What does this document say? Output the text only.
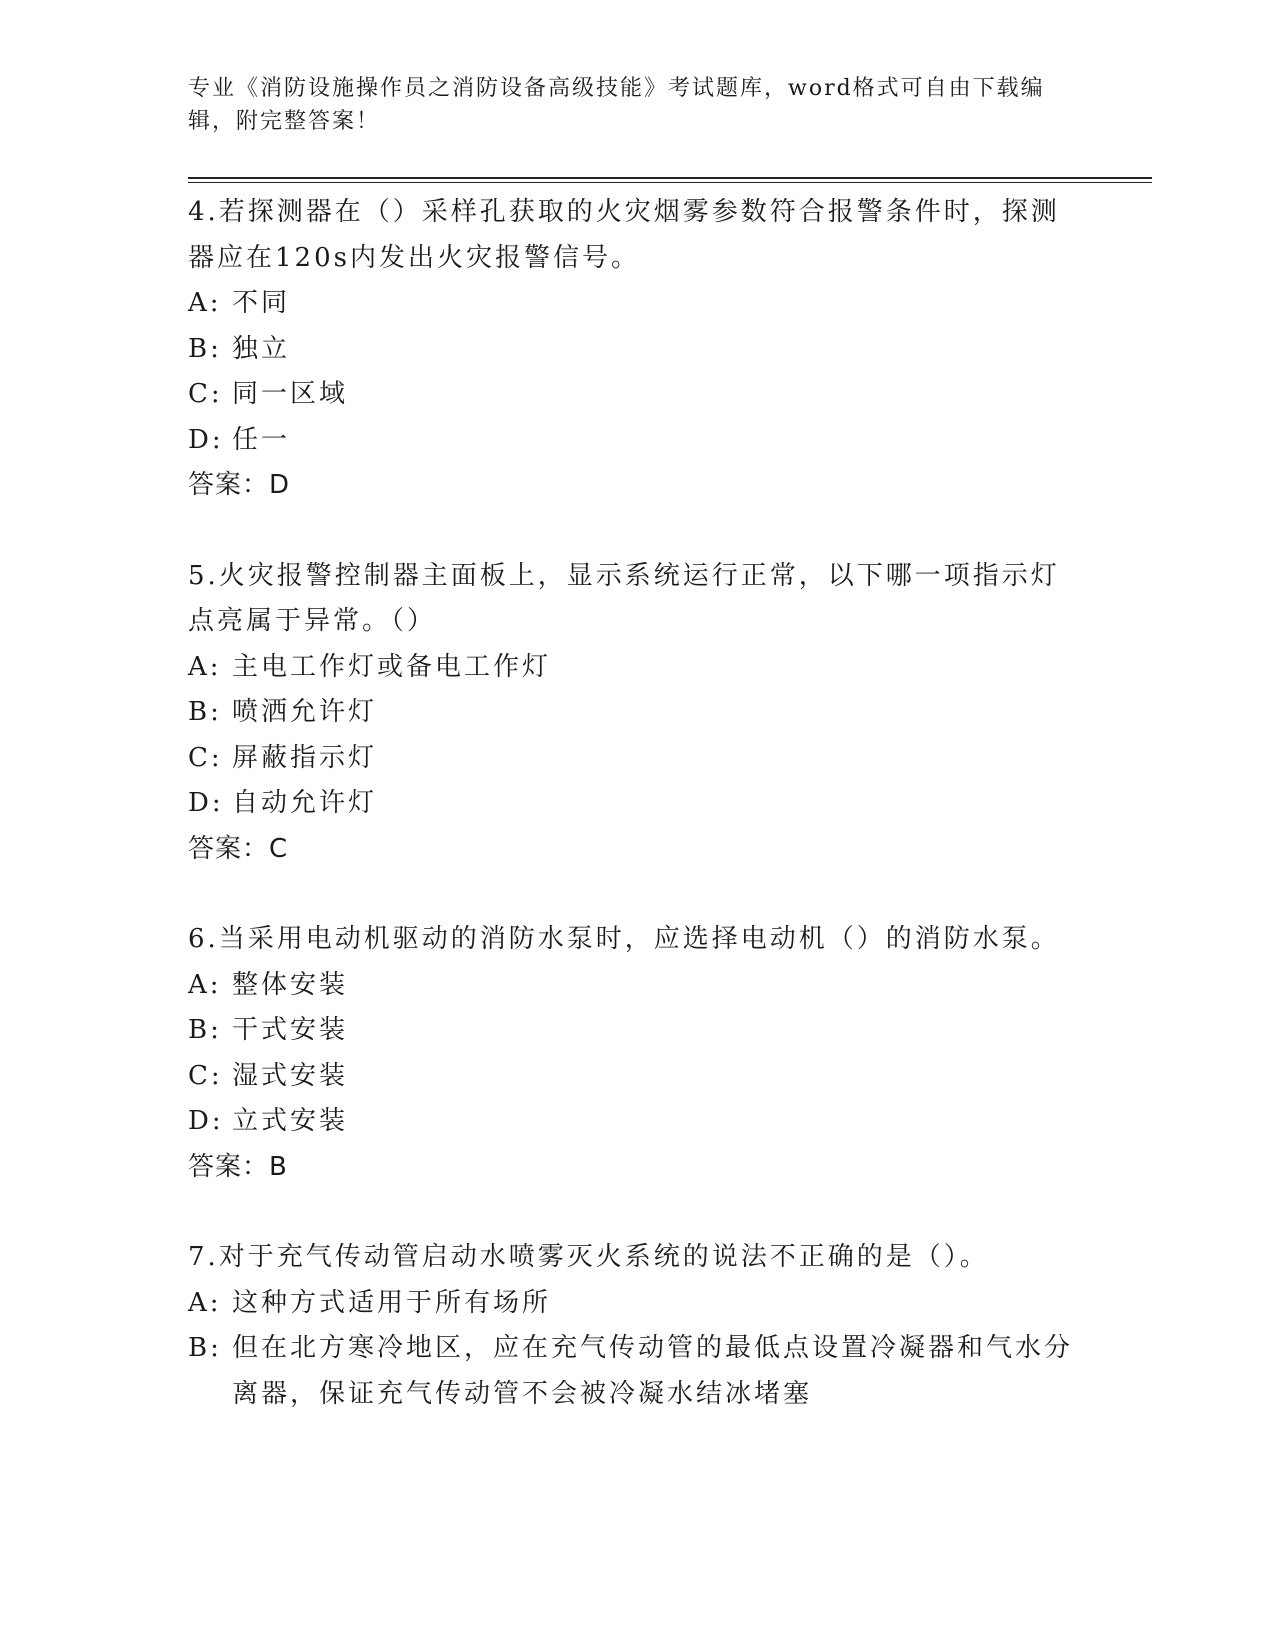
专业《消防设施操作员之消防设备高级技能》考试题库，word格式可自由下载编辑，附完整答案！
4.若探测器在（）采样孔获取的火灾烟雾参数符合报警条件时，探测器应在120s内发出火灾报警信号。
A: 不同
B: 独立
C: 同一区域
D: 任一
答案：D
5.火灾报警控制器主面板上，显示系统运行正常，以下哪一项指示灯点亮属于异常。（）
A: 主电工作灯或备电工作灯
B: 喷洒允许灯
C: 屏蔽指示灯
D: 自动允许灯
答案：C
6.当采用电动机驱动的消防水泵时，应选择电动机（）的消防水泵。
A: 整体安装
B: 干式安装
C: 湿式安装
D: 立式安装
答案：B
7.对于充气传动管启动水喷雾灭火系统的说法不正确的是（）。
A: 这种方式适用于所有场所
B: 但在北方寒冷地区，应在充气传动管的最低点设置冷凝器和气水分离器，保证充气传动管不会被冷凝水结冰堵塞
